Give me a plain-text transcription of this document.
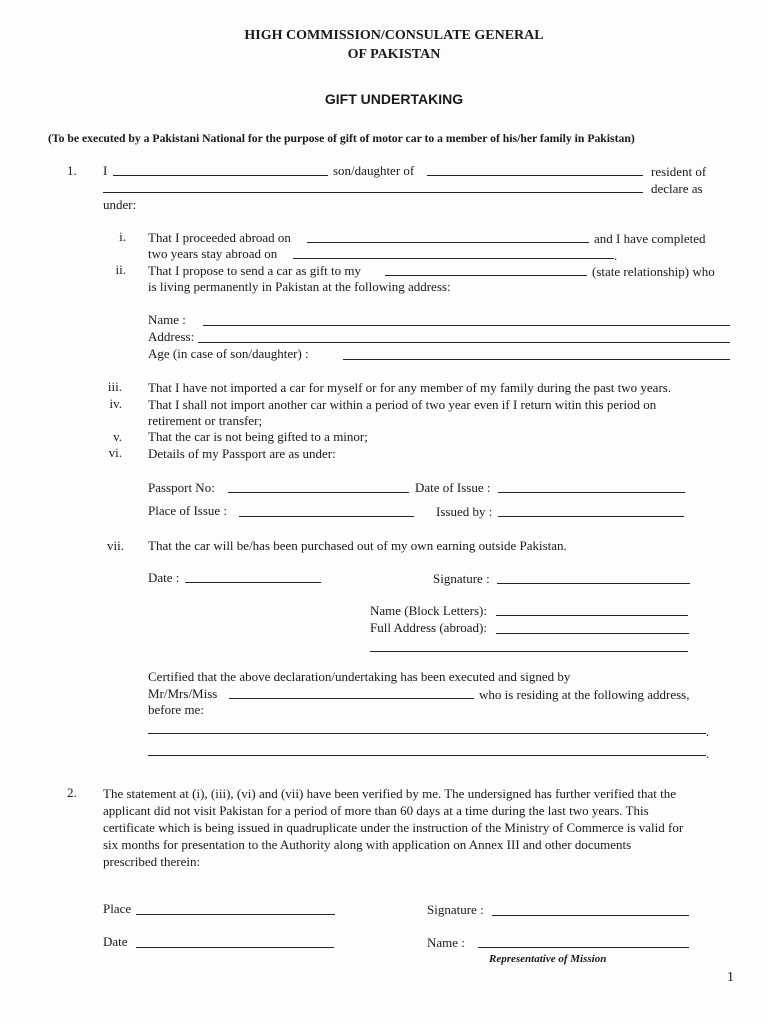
HIGH COMMISSION/CONSULATE GENERAL
OF PAKISTAN
GIFT UNDERTAKING
(To be executed by a Pakistani National for the purpose of gift of motor car to a member of his/her family in Pakistan)
1. I	son/daughter of	resident of
declare as
under:
i. That I proceeded abroad on	and I have completed
two years stay abroad on	.
ii. That I propose to send a car as gift to my	(state relationship) who
is living permanently in Pakistan at the following address:
Name :
Address:
Age (in case of son/daughter) :
iii. That I have not imported a car for myself or for any member of my family during the past two years.
iv. That I shall not import another car within a period of two year even if I return witin this period on
retirement or transfer;
v. That the car is not being gifted to a minor;
vi. Details of my Passport are as under:
Passport No:	Date of Issue :
Place of Issue :	Issued by :
vii. That the car will be/has been purchased out of my own earning outside Pakistan.
Date :	Signature :
Name (Block Letters):
Full Address (abroad):
Certified that the above declaration/undertaking has been executed and signed by
Mr/Mrs/Miss	who is residing at the following address,
before me:
.
.
2. The statement at (i), (iii), (vi) and (vii) have been verified by me. The undersigned has further verified that the
applicant did not visit Pakistan for a period of more than 60 days at a time during the last two years. This
certificate which is being issued in quadruplicate under the instruction of the Ministry of Commerce is valid for
six months for presentation to the Authority along with application on Annex III and other documents
prescribed therein:
Place	Signature :
Date	Name :
Representative of Mission
1
